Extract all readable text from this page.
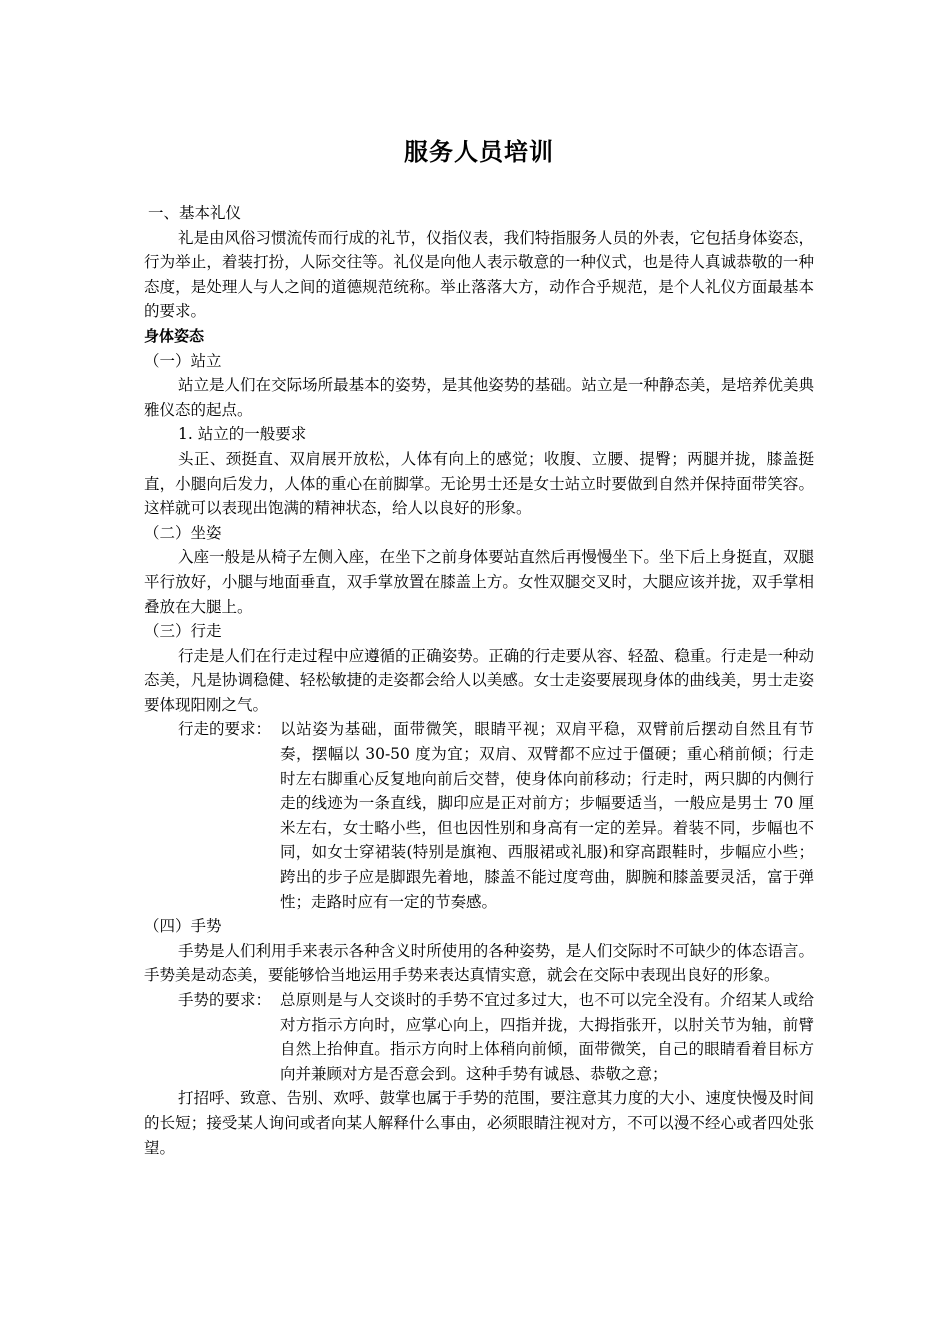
服务人员培训

一、基本礼仪

礼是由风俗习惯流传而行成的礼节，仪指仪表，我们特指服务人员的外表，它包括身体姿态，行为举止，着装打扮，人际交往等。礼仪是向他人表示敬意的一种仪式，也是待人真诚恭敬的一种态度，是处理人与人之间的道德规范统称。举止落落大方，动作合乎规范，是个人礼仪方面最基本的要求。

身体姿态

（一）站立

站立是人们在交际场所最基本的姿势，是其他姿势的基础。站立是一种静态美，是培养优美典雅仪态的起点。

1. 站立的一般要求

头正、颈挺直、双肩展开放松，人体有向上的感觉；收腹、立腰、提臀；两腿并拢，膝盖挺直，小腿向后发力，人体的重心在前脚掌。无论男士还是女士站立时要做到自然并保持面带笑容。这样就可以表现出饱满的精神状态，给人以良好的形象。

（二）坐姿

入座一般是从椅子左侧入座，在坐下之前身体要站直然后再慢慢坐下。坐下后上身挺直，双腿平行放好，小腿与地面垂直，双手掌放置在膝盖上方。女性双腿交叉时，大腿应该并拢，双手掌相叠放在大腿上。

（三）行走

行走是人们在行走过程中应遵循的正确姿势。正确的行走要从容、轻盈、稳重。行走是一种动态美，凡是协调稳健、轻松敏捷的走姿都会给人以美感。女士走姿要展现身体的曲线美，男士走姿要体现阳刚之气。

行走的要求： 以站姿为基础，面带微笑，眼睛平视；双肩平稳，双臂前后摆动自然且有节奏，摆幅以 30-50 度为宜；双肩、双臂都不应过于僵硬；重心稍前倾；行走时左右脚重心反复地向前后交替，使身体向前移动；行走时，两只脚的内侧行走的线迹为一条直线，脚印应是正对前方；步幅要适当，一般应是男士 70 厘米左右，女士略小些，但也因性别和身高有一定的差异。着装不同，步幅也不同，如女士穿裙装(特别是旗袍、西服裙或礼服)和穿高跟鞋时，步幅应小些；跨出的步子应是脚跟先着地，膝盖不能过度弯曲，脚腕和膝盖要灵活，富于弹性；走路时应有一定的节奏感。

（四）手势

手势是人们利用手来表示各种含义时所使用的各种姿势，是人们交际时不可缺少的体态语言。手势美是动态美，要能够恰当地运用手势来表达真情实意，就会在交际中表现出良好的形象。

手势的要求： 总原则是与人交谈时的手势不宜过多过大，也不可以完全没有。介绍某人或给对方指示方向时，应掌心向上，四指并拢，大拇指张开，以肘关节为轴，前臂自然上抬伸直。指示方向时上体稍向前倾，面带微笑，自己的眼睛看着目标方向并兼顾对方是否意会到。这种手势有诚恳、恭敬之意；

打招呼、致意、告别、欢呼、鼓掌也属于手势的范围，要注意其力度的大小、速度快慢及时间的长短；接受某人询问或者向某人解释什么事由，必须眼睛注视对方，不可以漫不经心或者四处张望。
